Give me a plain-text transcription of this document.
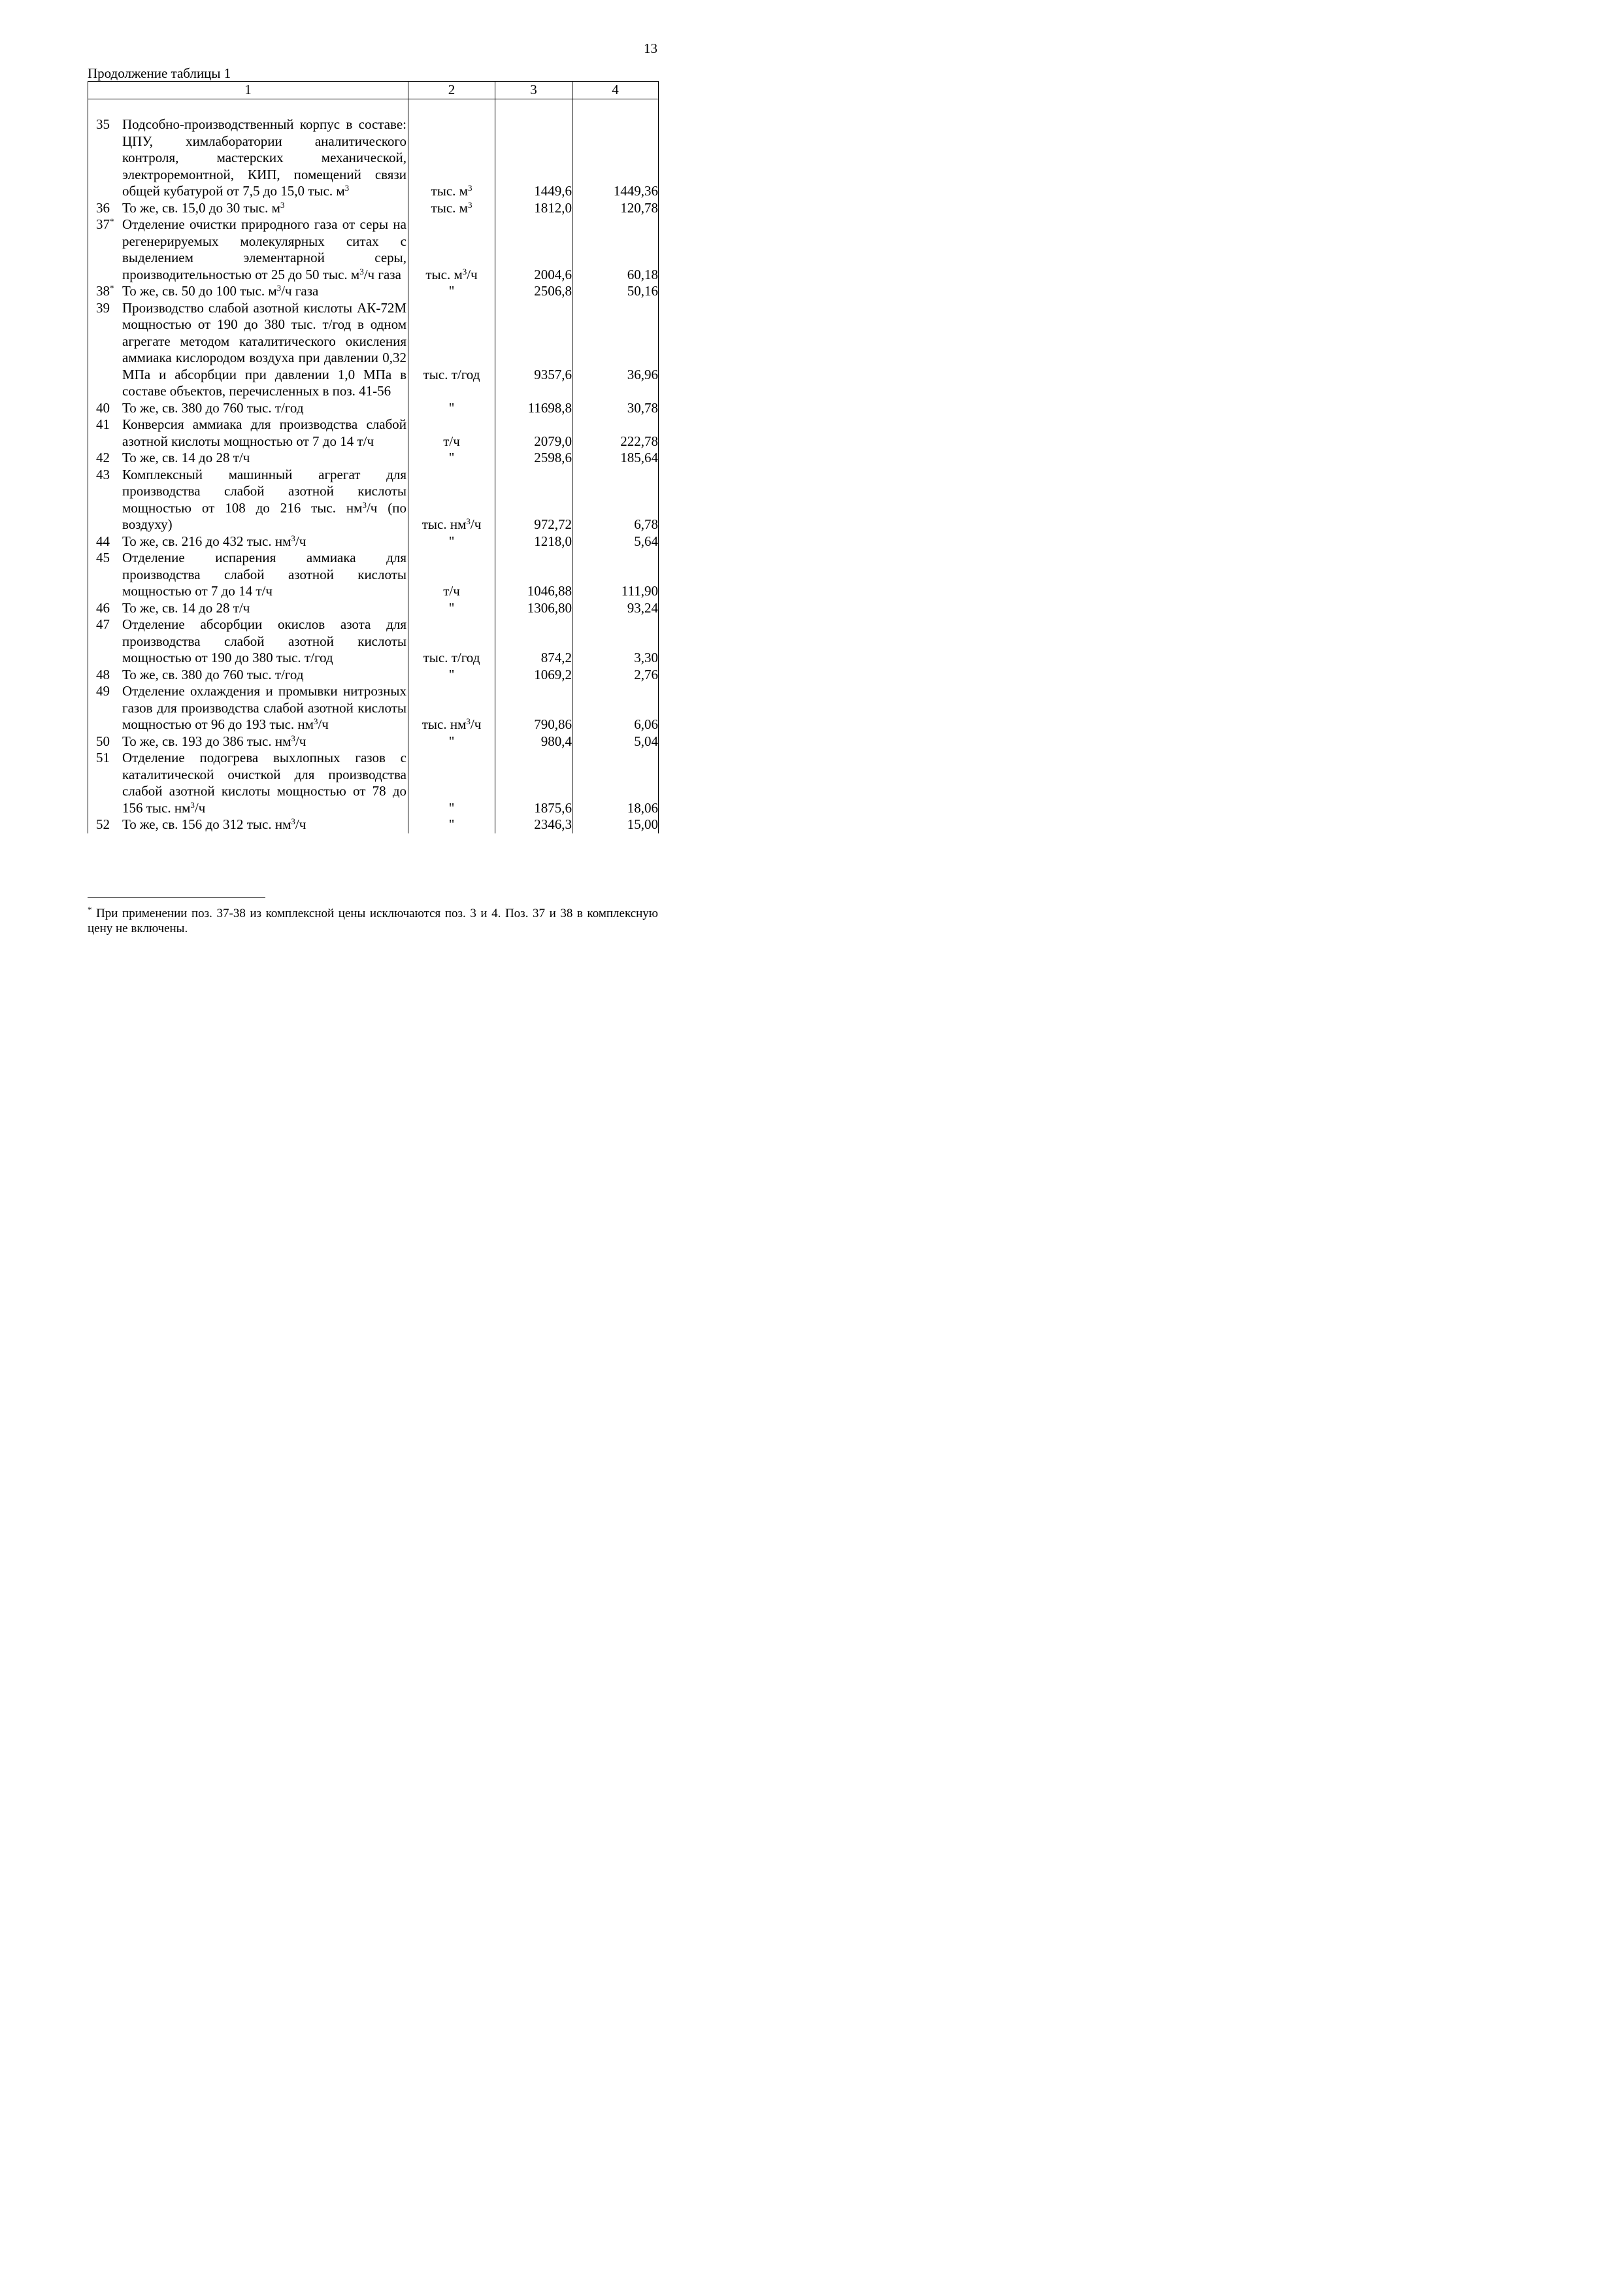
13
Продолжение таблицы 1
1	2	3	4

35 Подсобно-производственный корпус в составе: ЦПУ, химлаборатории аналитического контроля, мастерских механической, электроремонтной, КИП, помещений связи общей кубатурой от 7,5 до 15,0 тыс. $м^3$	тыс. $м^3$	1449,6	1449,36

36 То же, св. 15,0 до 30 тыс. $м^3$	тыс. $м^3$	1812,0	120,78

37* Отделение очистки природного газа от серы на регенерируемых молекулярных ситах с выделением элементарной серы, производительностью от 25 до 50 тыс. $м^3/ч$ газа	тыс. $м^3/ч$	2004,6	60,18

38* То же, св. 50 до 100 тыс. $м^3/ч$ газа	"	2506,8	50,16

39 Производство слабой азотной кислоты АК-72М мощностью от 190 до 380 тыс. т/год в одном агрегате методом каталитического окисления аммиака кислородом воздуха при давлении 0,32 МПа и абсорбции при давлении 1,0 МПа в составе объектов, перечисленных в поз. 41-56	тыс. т/год	9357,6	36,96

40 То же, св. 380 до 760 тыс. т/год	"	11698,8	30,78

41 Конверсия аммиака для производства слабой азотной кислоты мощностью от 7 до 14 т/ч	т/ч	2079,0	222,78

42 То же, св. 14 до 28 т/ч	"	2598,6	185,64

43 Комплексный машинный агрегат для производства слабой азотной кислоты мощностью от 108 до 216 тыс. $нм^3/ч$ (по воздуху)	тыс. $нм^3/ч$	972,72	6,78

44 То же, св. 216 до 432 тыс. $нм^3/ч$	"	1218,0	5,64

45 Отделение испарения аммиака для производства слабой азотной кислоты мощностью от 7 до 14 т/ч	т/ч	1046,88	111,90

46 То же, св. 14 до 28 т/ч	"	1306,80	93,24

47 Отделение абсорбции окислов азота для производства слабой азотной кислоты мощностью от 190 до 380 тыс. т/год	тыс. т/год	874,2	3,30

48 То же, св. 380 до 760 тыс. т/год	"	1069,2	2,76

49 Отделение охлаждения и промывки нитрозных газов для производства слабой азотной кислоты мощностью от 96 до 193 тыс. $нм^3/ч$	тыс. $нм^3/ч$	790,86	6,06

50 То же, св. 193 до 386 тыс. $нм^3/ч$	"	980,4	5,04

51 Отделение подогрева выхлопных газов с каталитической очисткой для производства слабой азотной кислоты мощностью от 78 до 156 тыс. $нм^3/ч$	"	1875,6	18,06

52 То же, св. 156 до 312 тыс. $нм^3/ч$	"	2346,3	15,00
* При применении поз. 37-38 из комплексной цены исключаются поз. 3 и 4. Поз. 37 и 38 в комплексную цену не включены.
